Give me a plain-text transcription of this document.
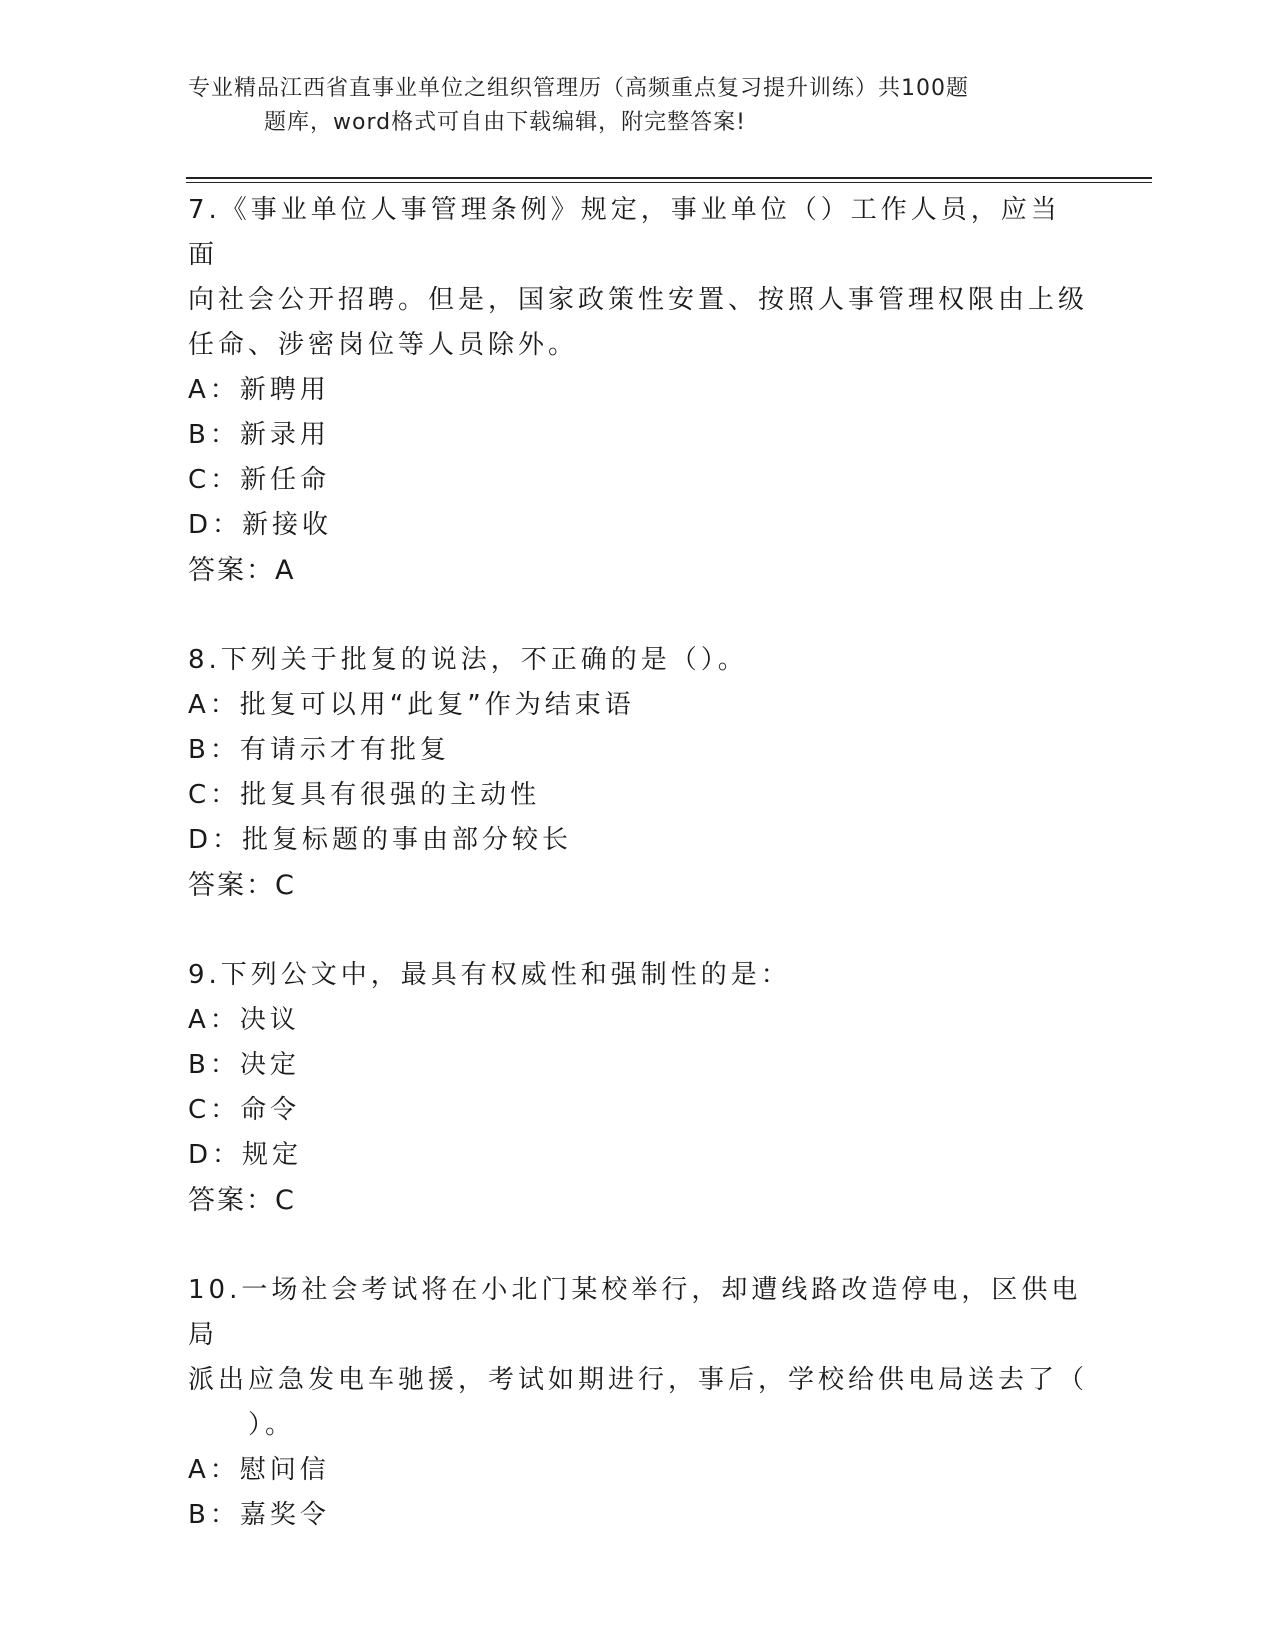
专业精品江西省直事业单位之组织管理历（高频重点复习提升训练）共100题
题库，word格式可自由下载编辑，附完整答案!

7.《事业单位人事管理条例》规定，事业单位（）工作人员，应当面

向社会公开招聘。但是，国家政策性安置、按照人事管理权限由上级

任命、涉密岗位等人员除外。

A：新聘用

B：新录用

C：新任命

D：新接收

答案：A

8.下列关于批复的说法，不正确的是（）。

A：批复可以用“此复”作为结束语

B：有请示才有批复

C：批复具有很强的主动性

D：批复标题的事由部分较长

答案：C

9.下列公文中，最具有权威性和强制性的是：

A：决议

B：决定

C：命令

D：规定

答案：C

10.一场社会考试将在小北门某校举行，却遭线路改造停电，区供电局

派出应急发电车驰援，考试如期进行，事后，学校给供电局送去了（

　　）。

A：慰问信

B：嘉奖令
